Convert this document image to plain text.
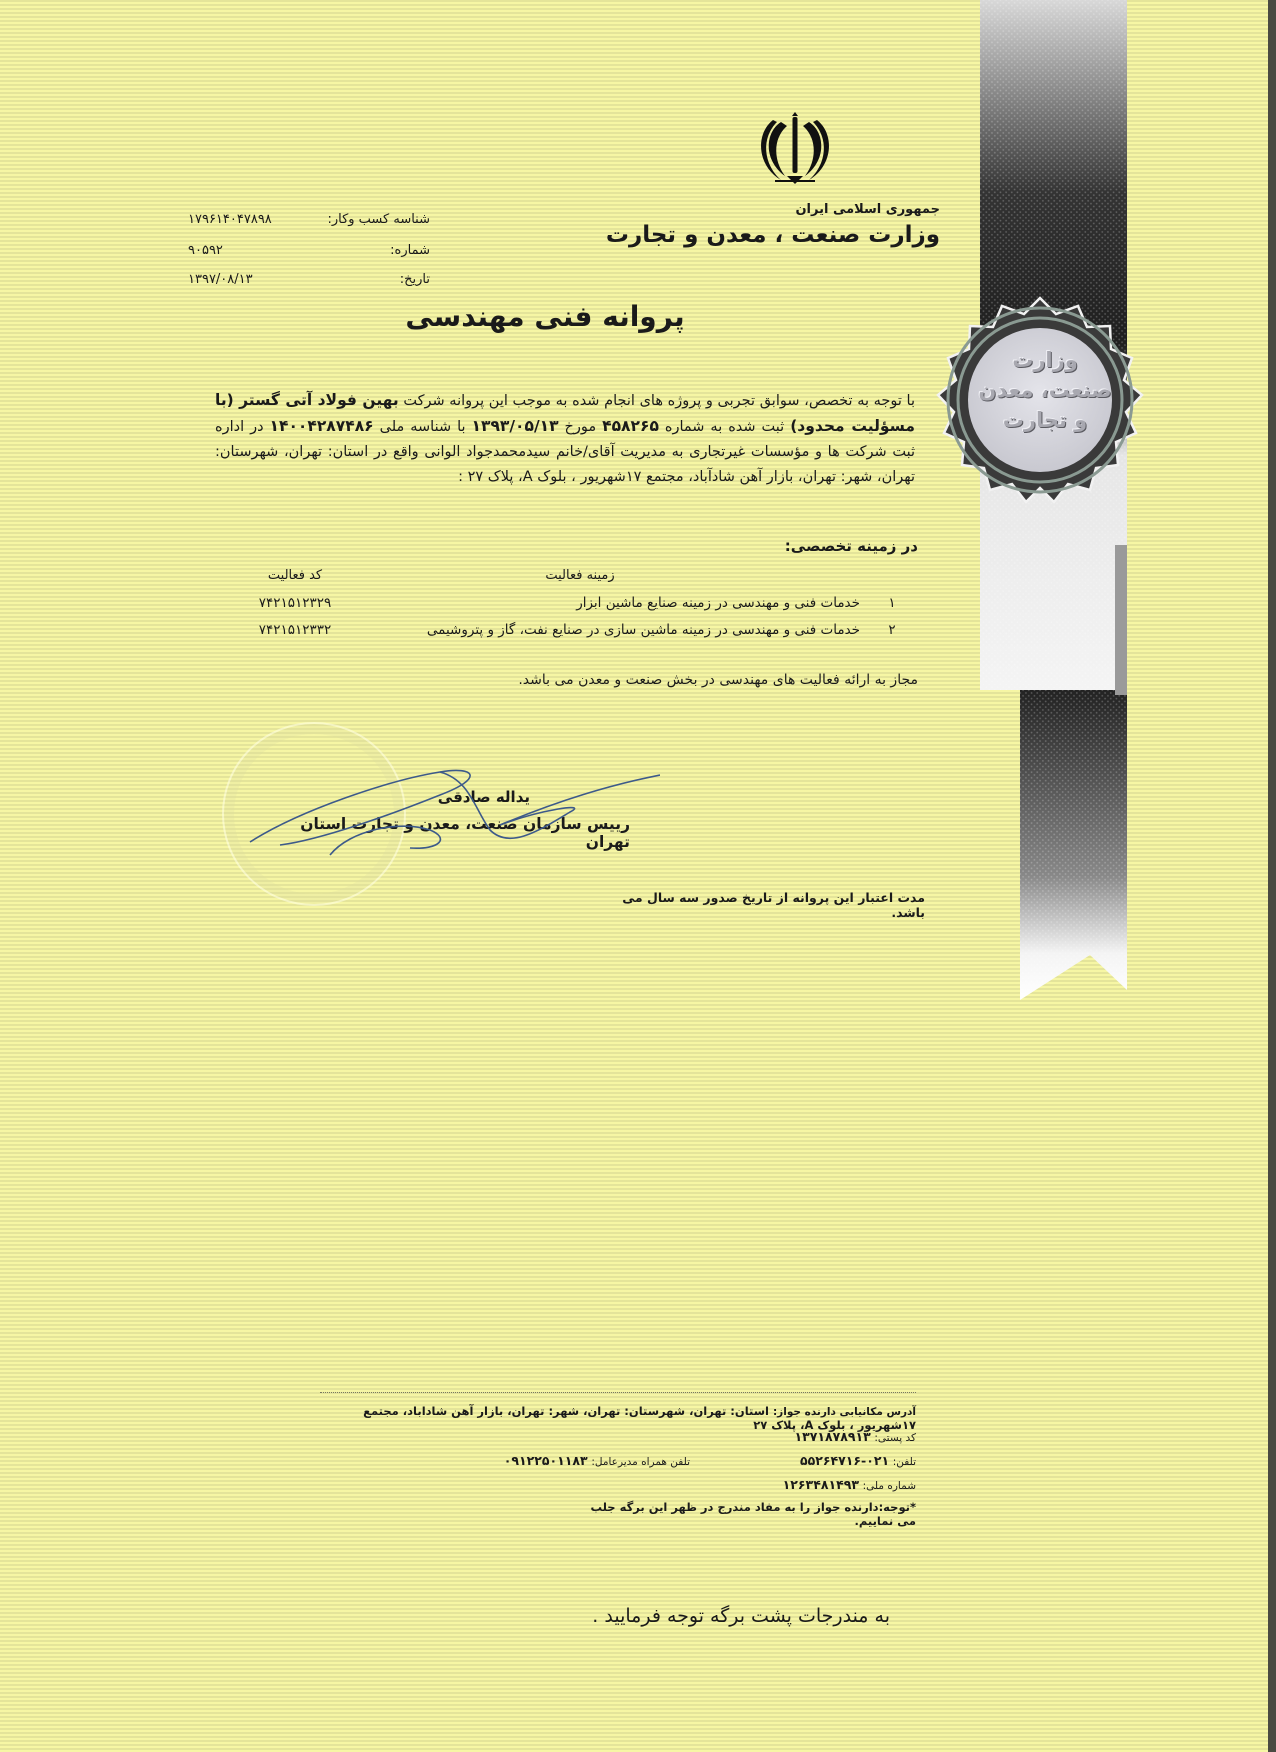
جمهوری اسلامی ایران
وزارت صنعت ، معدن و تجارت
شناسه کسب وکار:
۱۷۹۶۱۴۰۴۷۸۹۸
شماره:
۹۰۵۹۲
تاریخ:
۱۳۹۷/۰۸/۱۳
پروانه فنی مهندسی
با توجه به تخصص، سوابق تجربی و پروژه های انجام شده به موجب این پروانه شرکت بهین فولاد آتی گستر (با مسؤلیت محدود) ثبت شده به شماره ۴۵۸۲۶۵ مورخ ۱۳۹۳/۰۵/۱۳ با شناسه ملی ۱۴۰۰۴۲۸۷۴۸۶ در اداره ثبت شرکت ها و مؤسسات غیرتجاری به مدیریت آقای/خانم سیدمحمدجواد الوانی واقع در استان: تهران، شهرستان: تهران، شهر: تهران، بازار آهن شادآباد، مجتمع ۱۷شهریور ، بلوک A، پلاک ۲۷ :
در زمینه تخصصی:
زمینه فعالیت
کد فعالیت
۱
خدمات فنی و مهندسی در زمینه صنایع ماشین ابزار
۷۴۲۱۵۱۲۳۲۹
۲
خدمات فنی و مهندسی در زمینه ماشین سازی در صنایع نفت، گاز و پتروشیمی
۷۴۲۱۵۱۲۳۳۲
مجاز به ارائه فعالیت های مهندسی در بخش صنعت و معدن می باشد.
یداله صادقی
رییس سازمان صنعت، معدن و تجارت استان تهران
مدت اعتبار این پروانه از تاریخ صدور سه سال می باشد.
آدرس مکانیابی دارنده جواز: استان: تهران، شهرستان: تهران، شهر: تهران، بازار آهن شاداباد، مجتمع ۱۷شهریور ، بلوک A، پلاک ۲۷
کد پستی: ۱۳۷۱۸۷۸۹۱۳
تلفن: ۰۲۱-۵۵۲۶۴۷۱۶
تلفن همراه مدیرعامل: ۰۹۱۲۲۵۰۱۱۸۳
شماره ملی: ۱۲۶۳۴۸۱۴۹۳
*توجه:دارنده جواز را به مفاد مندرج در ظهر این برگه جلب می نماییم.
به مندرجات پشت برگه توجه فرمایید .
وزارت
صنعت، معدن
و تجارت
